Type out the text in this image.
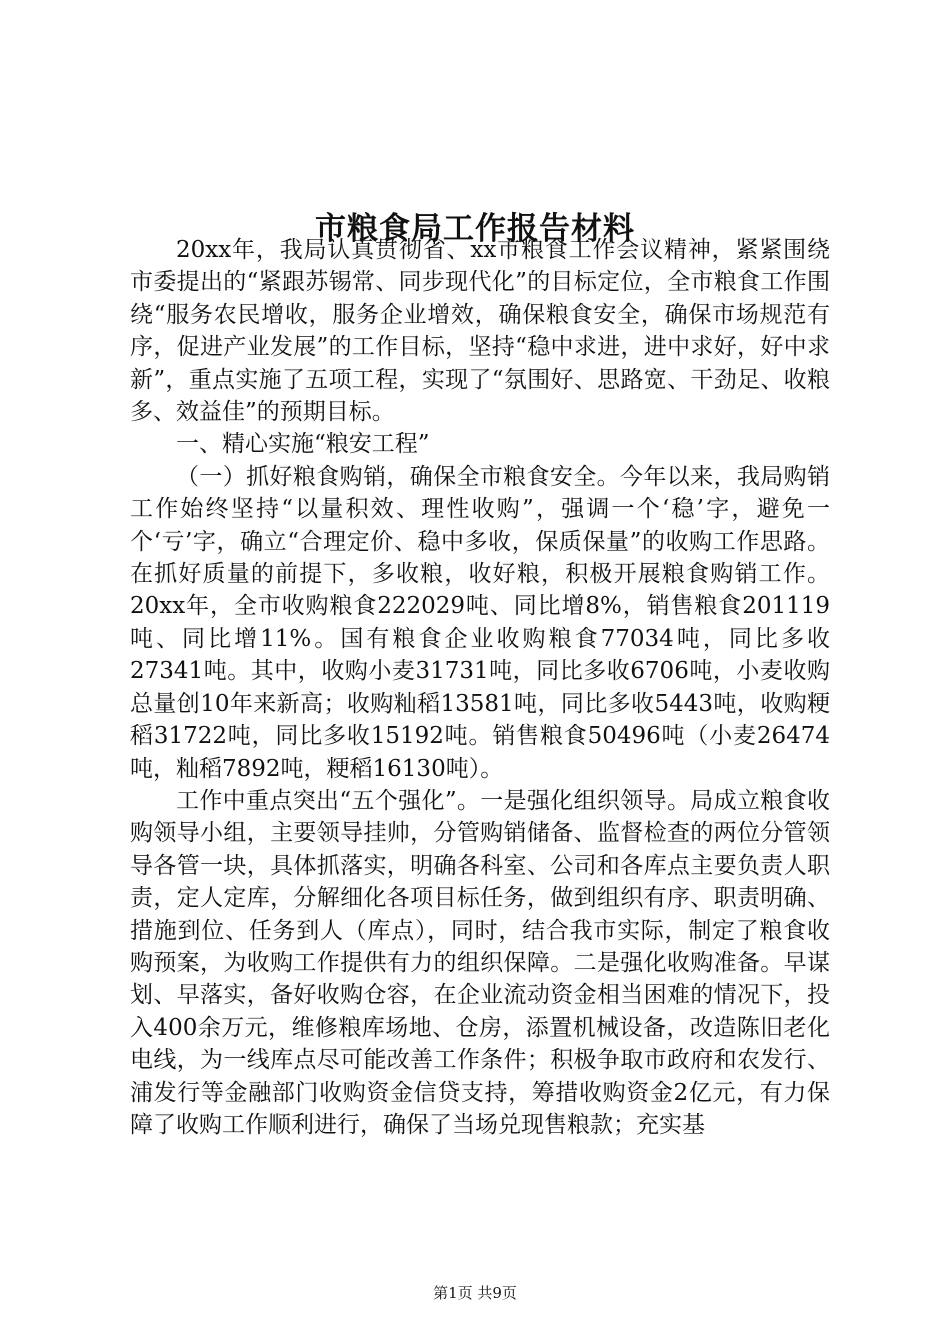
市粮食局工作报告材料

20xx年，我局认真贯彻省、xx市粮食工作会议精神，紧紧围绕市委提出的“紧跟苏锡常、同步现代化”的目标定位，全市粮食工作围绕“服务农民增收，服务企业增效，确保粮食安全，确保市场规范有序，促进产业发展”的工作目标，坚持“稳中求进，进中求好，好中求新”，重点实施了五项工程，实现了“氛围好、思路宽、干劲足、收粮多、效益佳”的预期目标。

一、精心实施“粮安工程”

（一）抓好粮食购销，确保全市粮食安全。今年以来，我局购销工作始终坚持“以量积效、理性收购”，强调一个‘稳’字，避免一个‘亏’字，确立“合理定价、稳中多收，保质保量”的收购工作思路。在抓好质量的前提下，多收粮，收好粮，积极开展粮食购销工作。20xx年，全市收购粮食222029吨、同比增8%，销售粮食201119吨、同比增11%。国有粮食企业收购粮食77034吨，同比多收27341吨。其中，收购小麦31731吨，同比多收6706吨，小麦收购总量创10年来新高；收购籼稻13581吨，同比多收5443吨，收购粳稻31722吨，同比多收15192吨。销售粮食50496吨（小麦26474吨，籼稻7892吨，粳稻16130吨）。

工作中重点突出“五个强化”。一是强化组织领导。局成立粮食收购领导小组，主要领导挂帅，分管购销储备、监督检查的两位分管领导各管一块，具体抓落实，明确各科室、公司和各库点主要负责人职责，定人定库，分解细化各项目标任务，做到组织有序、职责明确、措施到位、任务到人（库点），同时，结合我市实际，制定了粮食收购预案，为收购工作提供有力的组织保障。二是强化收购准备。早谋划、早落实，备好收购仓容，在企业流动资金相当困难的情况下，投入400余万元，维修粮库场地、仓房，添置机械设备，改造陈旧老化电线，为一线库点尽可能改善工作条件；积极争取市政府和农发行、浦发行等金融部门收购资金信贷支持，筹措收购资金2亿元，有力保障了收购工作顺利进行，确保了当场兑现售粮款；充实基

第1页 共9页
